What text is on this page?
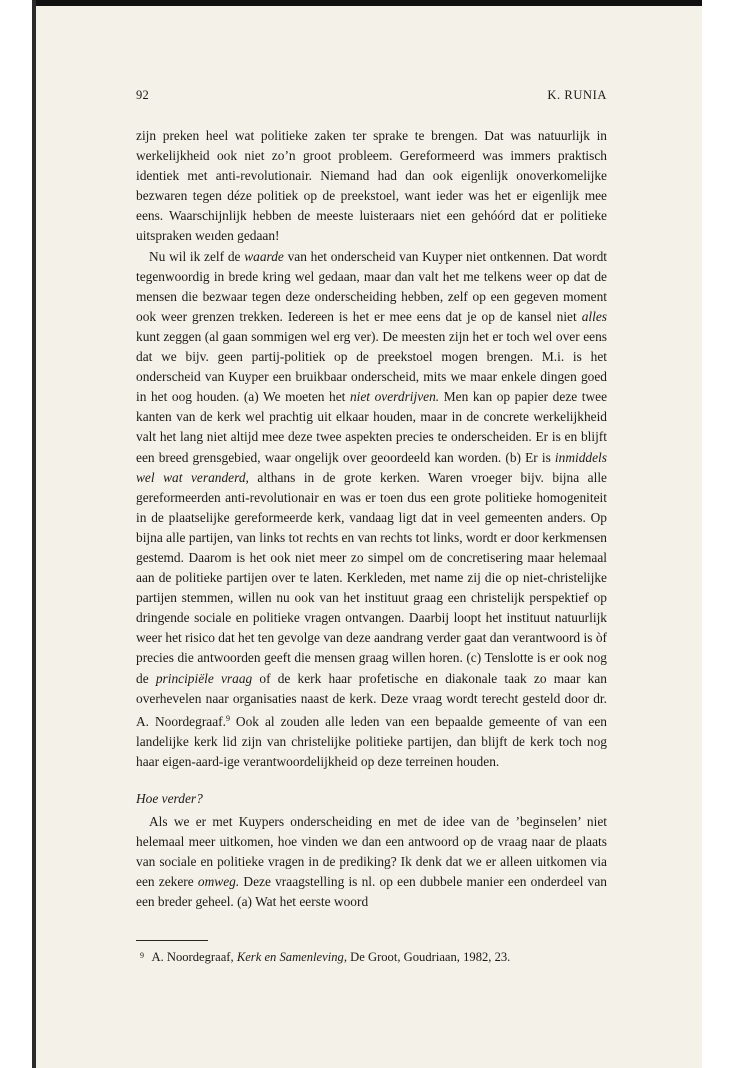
92	K. RUNIA

zijn preken heel wat politieke zaken ter sprake te brengen. Dat was natuurlijk in werkelijkheid ook niet zo’n groot probleem. Gereformeerd was immers praktisch identiek met anti-revolutionair. Niemand had dan ook eigenlijk onoverkomelijke bezwaren tegen déze politiek op de preekstoel, want ieder was het er eigenlijk mee eens. Waarschijnlijk hebben de meeste luisteraars niet een gehóórd dat er politieke uitspraken weıden gedaan!

Nu wil ik zelf de waarde van het onderscheid van Kuyper niet ontkennen. Dat wordt tegenwoordig in brede kring wel gedaan, maar dan valt het me telkens weer op dat de mensen die bezwaar tegen deze onderscheiding hebben, zelf op een gegeven moment ook weer grenzen trekken. Iedereen is het er mee eens dat je op de kansel niet alles kunt zeggen (al gaan sommigen wel erg ver). De meesten zijn het er toch wel over eens dat we bijv. geen partij-politiek op de preekstoel mogen brengen. M.i. is het onderscheid van Kuyper een bruikbaar onderscheid, mits we maar enkele dingen goed in het oog houden. (a) We moeten het niet overdrijven. Men kan op papier deze twee kanten van de kerk wel prachtig uit elkaar houden, maar in de concrete werkelijkheid valt het lang niet altijd mee deze twee aspekten precies te onderscheiden. Er is en blijft een breed grensgebied, waar ongelijk over geoordeeld kan worden. (b) Er is inmiddels wel wat veranderd, althans in de grote kerken. Waren vroeger bijv. bijna alle gereformeerden anti-revolutionair en was er toen dus een grote politieke homogeniteit in de plaatselijke gereformeerde kerk, vandaag ligt dat in veel gemeenten anders. Op bijna alle partijen, van links tot rechts en van rechts tot links, wordt er door kerkmensen gestemd. Daarom is het ook niet meer zo simpel om de concretisering maar helemaal aan de politieke partijen over te laten. Kerkleden, met name zij die op niet-christelijke partijen stemmen, willen nu ook van het instituut graag een christelijk perspektief op dringende sociale en politieke vragen ontvangen. Daarbij loopt het instituut natuurlijk weer het risico dat het ten gevolge van deze aandrang verder gaat dan verantwoord is òf precies die antwoorden geeft die mensen graag willen horen. (c) Tenslotte is er ook nog de principiële vraag of de kerk haar profetische en diakonale taak zo maar kan overhevelen naar organisaties naast de kerk. Deze vraag wordt terecht gesteld door dr. A. Noordegraaf.$^9$ Ook al zouden alle leden van een bepaalde gemeente of van een landelijke kerk lid zijn van christelijke politieke partijen, dan blijft de kerk toch nog haar eigen-aard-ige verantwoordelijkheid op deze terreinen houden.

Hoe verder?

Als we er met Kuypers onderscheiding en met de idee van de ’beginselen’ niet helemaal meer uitkomen, hoe vinden we dan een antwoord op de vraag naar de plaats van sociale en politieke vragen in de prediking? Ik denk dat we er alleen uitkomen via een zekere omweg. Deze vraagstelling is nl. op een dubbele manier een onderdeel van een breder geheel. (a) Wat het eerste woord

$^9$ A. Noordegraaf, Kerk en Samenleving, De Groot, Goudriaan, 1982, 23.
